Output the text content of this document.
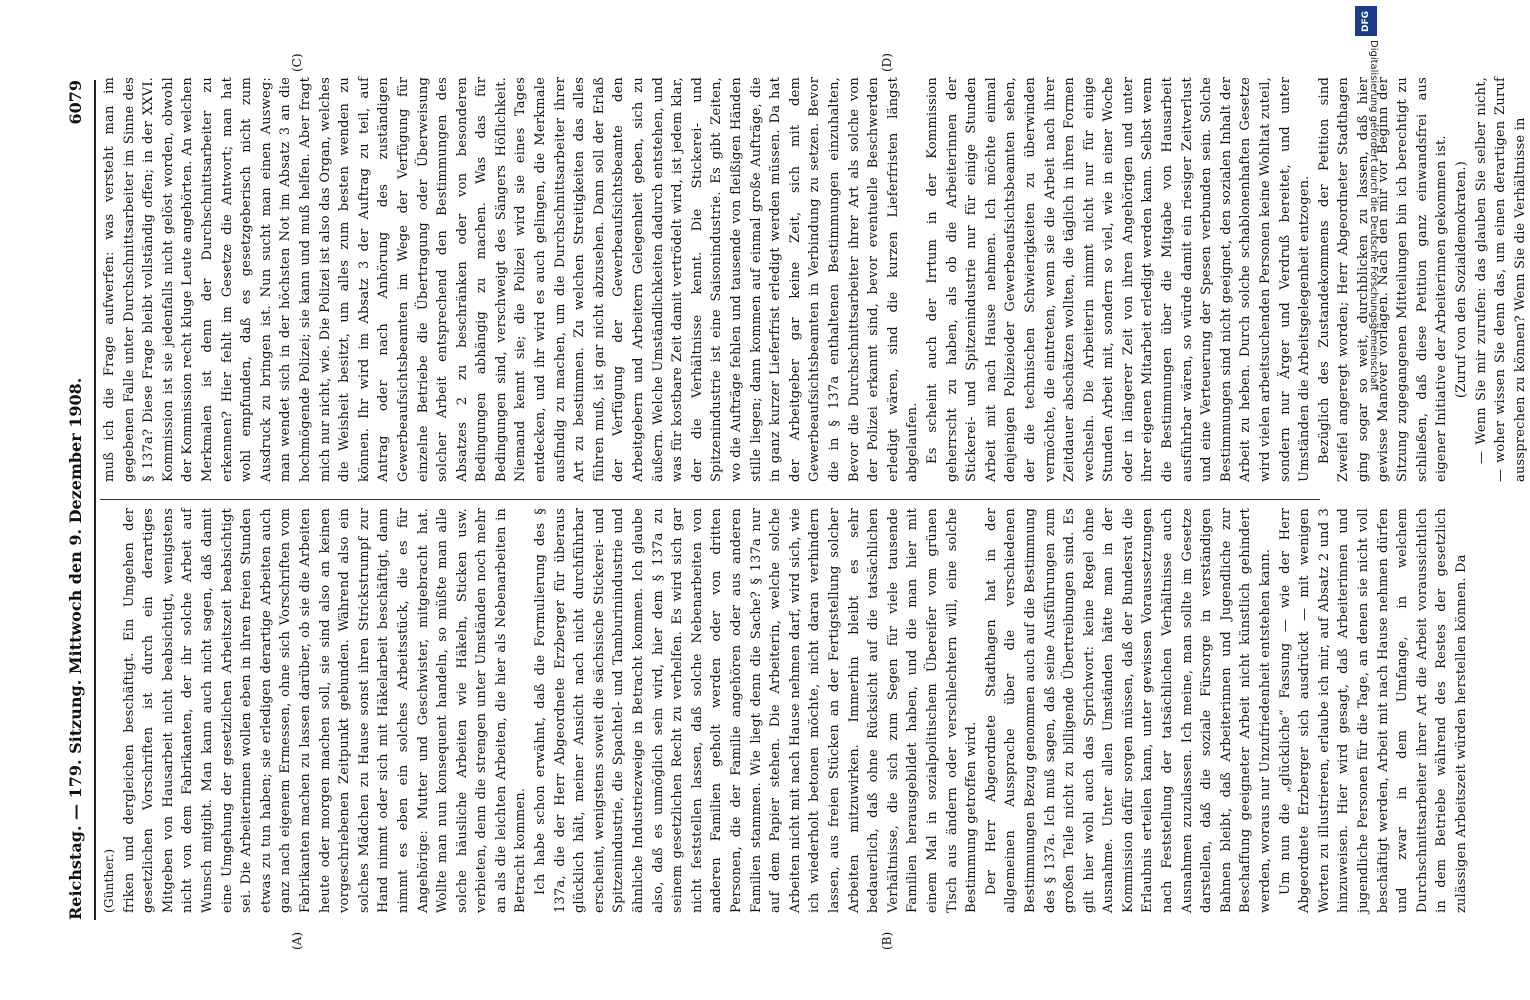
Reichstag. — 179. Sitzung. Mittwoch den 9. Dezember 1908.
6079
(A)	(B)
(C)	(D)

(Günther.) friken und dergleichen beschäftigt. Ein Umgehen der gesetzlichen Vorschriften ist durch ein derartiges Mitgeben von Hausarbeit nicht beabsichtigt, wenigstens nicht von dem Fabrikanten, der ihr solche Arbeit auf Wunsch mitgibt. Man kann auch nicht sagen, daß damit eine Umgehung der gesetzlichen Arbeitszeit beabsichtigt sei. Die Arbeiterinnen wollen eben in ihren freien Stunden etwas zu tun haben; sie erledigen derartige Arbeiten auch ganz nach eigenem Ermessen, ohne sich Vorschriften vom Fabrikanten machen zu lassen darüber, ob sie die Arbeiten heute oder morgen machen soll, sie sind also an keinen vorgeschriebenen Zeitpunkt gebunden. Während also ein solches Mädchen zu Hause sonst ihren Strickstrumpf zur Hand nimmt oder sich mit Häkelarbeit beschäftigt, dann nimmt es eben ein solches Arbeitsstück, die es für Angehörige: Mutter und Geschwister, mitgebracht hat. Wollte man nun konsequent handeln, so müßte man alle solche häusliche Arbeiten wie Häkeln, Sticken usw. verbieten, denn die strengen unter Umständen noch mehr an als die leichten Arbeiten, die hier als Nebenarbeiten in Betracht kommen. Ich habe schon erwähnt, daß die Formulierung des § 137a, die der Herr Abgeordnete Erzberger für überaus glücklich hält, meiner Ansicht nach nicht durchführbar erscheint, wenigstens soweit die sächsische Stickerei- und Spitzenindustrie, die Spachtel- und Tamburinindustrie und ähnliche Industriezweige in Betracht kommen. Ich glaube also, daß es unmöglich sein wird, hier dem § 137a zu seinem gesetzlichen Recht zu verhelfen. Es wird sich gar nicht feststellen lassen, daß solche Nebenarbeiten von anderen Familien geholt werden oder von dritten Personen, die der Familie angehören oder aus anderen Familien stammen. Wie liegt denn die Sache? § 137a nur auf dem Papier stehen. Die Arbeiterin, welche solche Arbeiten nicht mit nach Hause nehmen darf, wird sich, wie ich wiederholt betonen möchte, nicht daran verhindern lassen, aus freien Stücken an der Fertigstellung solcher Arbeiten mitzuwirken. Immerhin bleibt es sehr bedauerlich, daß ohne Rücksicht auf die tatsächlichen Verhältnisse, die sich zum Segen für viele tausende Familien herausgebildet haben, und die man hier mit einem Mal in sozialpolitischem Übereifer vom grünen Tisch aus ändern oder verschlechtern will, eine solche Bestimmung getroffen wird. Der Herr Abgeordnete Stadthagen hat in der allgemeinen Aussprache über die verschiedenen Bestimmungen Bezug genommen auch auf die Bestimmung des § 137a. Ich muß sagen, daß seine Ausführungen zum großen Teile nicht zu billigende Übertreibungen sind. Es gilt hier wohl auch das Sprichwort: keine Regel ohne Ausnahme. Unter allen Umständen hätte man in der Kommission dafür sorgen müssen, daß der Bundesrat die Erlaubnis erteilen kann, unter gewissen Voraussetzungen nach Feststellung der tatsächlichen Verhältnisse auch Ausnahmen zuzulassen. Ich meine, man sollte im Gesetze darstellen, daß die soziale Fürsorge in verständigen Bahnen bleibt, daß Arbeiterinnen und Jugendliche zur Beschaffung geeigneter Arbeit nicht künstlich gehindert werden, woraus nur Unzufriedenheit entstehen kann. Um nun die „glückliche“ Fassung — wie der Herr Abgeordnete Erzberger sich ausdrückt — mit wenigen Worten zu illustrieren, erlaube ich mir, auf Absatz 2 und 3 hinzuweisen. Hier wird gesagt, daß Arbeiterinnen und jugendliche Personen für die Tage, an denen sie nicht voll beschäftigt werden, Arbeit mit nach Hause nehmen dürfen und zwar in dem Umfange, in welchem Durchschnittsarbeiter ihrer Art die Arbeit voraussichtlich in dem Betriebe während des Restes der gesetzlich zulässigen Arbeitszeit würden herstellen können. Da

muß ich die Frage aufwerfen: was versteht man im gegebenen Falle unter Durchschnittsarbeiter im Sinne des § 137a? Diese Frage bleibt vollständig offen; in der XXVI. Kommission ist sie jedenfalls nicht gelöst worden, obwohl der Kommission recht kluge Leute angehörten. An welchen Merkmalen ist denn der Durchschnittsarbeiter zu erkennen? Hier fehlt im Gesetze die Antwort; man hat wohl empfunden, daß es gesetzgeberisch nicht zum Ausdruck zu bringen ist. Nun sucht man einen Ausweg: man wendet sich in der höchsten Not im Absatz 3 an die hochmögende Polizei; sie kann und muß helfen. Aber fragt mich nur nicht, wie. Die Polizei ist also das Organ, welches die Weisheit besitzt, um alles zum besten wenden zu können. Ihr wird im Absatz 3 der Auftrag zu teil, auf Antrag oder nach Anhörung des zuständigen Gewerbeaufsichtsbeamten im Wege der Verfügung für einzelne Betriebe die Übertragung oder Überweisung solcher Arbeit entsprechend den Bestimmungen des Absatzes 2 zu beschränken oder von besonderen Bedingungen abhängig zu machen. Was das für Bedingungen sind, verschweigt des Sängers Höflichkeit. Niemand kennt sie; die Polizei wird sie eines Tages entdecken, und ihr wird es auch gelingen, die Merkmale ausfindig zu machen, um die Durchschnittsarbeiter ihrer Art zu bestimmen. Zu welchen Streitigkeiten das alles führen muß, ist gar nicht abzusehen. Dann soll der Erlaß der Verfügung der Gewerbeaufsichtsbeamte den Arbeitgebern und Arbeitern Gelegenheit geben, sich zu äußern. Welche Umständlichkeiten dadurch entstehen, und was für kostbare Zeit damit vertrödelt wird, ist jedem klar, der die Verhältnisse kennt. Die Stickerei- und Spitzenindustrie ist eine Saisonindustrie. Es gibt Zeiten, wo die Aufträge fehlen und tausende von fleißigen Händen stille liegen; dann kommen auf einmal große Aufträge, die in ganz kurzer Lieferfrist erledigt werden müssen. Da hat der Arbeitgeber gar keine Zeit, sich mit dem Gewerbeaufsichtsbeamten in Verbindung zu setzen. Bevor die in § 137a enthaltenen Bestimmungen einzuhalten, Bevor die Durchschnittsarbeiter ihrer Art als solche von der Polizei erkannt sind, bevor eventuelle Beschwerden erledigt wären, sind die kurzen Lieferfristen längst abgelaufen. Es scheint auch der Irrtum in der Kommission geherrscht zu haben, als ob die Arbeiterinnen der Stickerei- und Spitzenindustrie nur für einige Stunden Arbeit mit nach Hause nehmen. Ich möchte einmal denjenigen Polizeioder Gewerbeaufsichtsbeamten sehen, der die technischen Schwierigkeiten zu überwinden vermöchte, die eintreten, wenn sie die Arbeit nach ihrer Zeitdauer abschätzen wollten, die täglich in ihren Formen wechseln. Die Arbeiterin nimmt nicht nur für einige Stunden Arbeit mit, sondern so viel, wie in einer Woche oder in längerer Zeit von ihren Angehörigen und unter ihrer eigenen Mitarbeit erledigt werden kann. Selbst wenn die Bestimmungen über die Mitgabe von Hausarbeit ausführbar wären, so würde damit ein riesiger Zeitverlust und eine Verteuerung der Spesen verbunden sein. Solche Bestimmungen sind nicht geeignet, den sozialen Inhalt der Arbeit zu heben. Durch solche schablonenhaften Gesetze wird vielen arbeitsuchenden Personen keine Wohltat zuteil, sondern nur Ärger und Verdruß bereitet, und unter Umständen die Arbeitsgelegenheit entzogen. Bezüglich des Zustandekommens der Petition sind Zweifel angeregt worden; Herr Abgeordneter Stadthagen ging sogar so weit, durchblicken zu lassen, daß hier gewisse Manöver vorlägen. Nach den mir vor Beginn der Sitzung zugegangenen Mitteilungen bin ich berechtigt zu schließen, daß diese Petition ganz einwandsfrei aus eigener Initiative der Arbeiterinnen gekommen ist. (Zuruf von den Sozialdemokraten.) — Wenn Sie mir zurufen: das glauben Sie selber nicht, — woher wissen Sie denn das, um einen derartigen Zuruf aussprechen zu können? Wenn Sie die Verhältnisse in

DFG
Digitalisierung gefördert durch die Deutsche Forschungsgemeinschaft
